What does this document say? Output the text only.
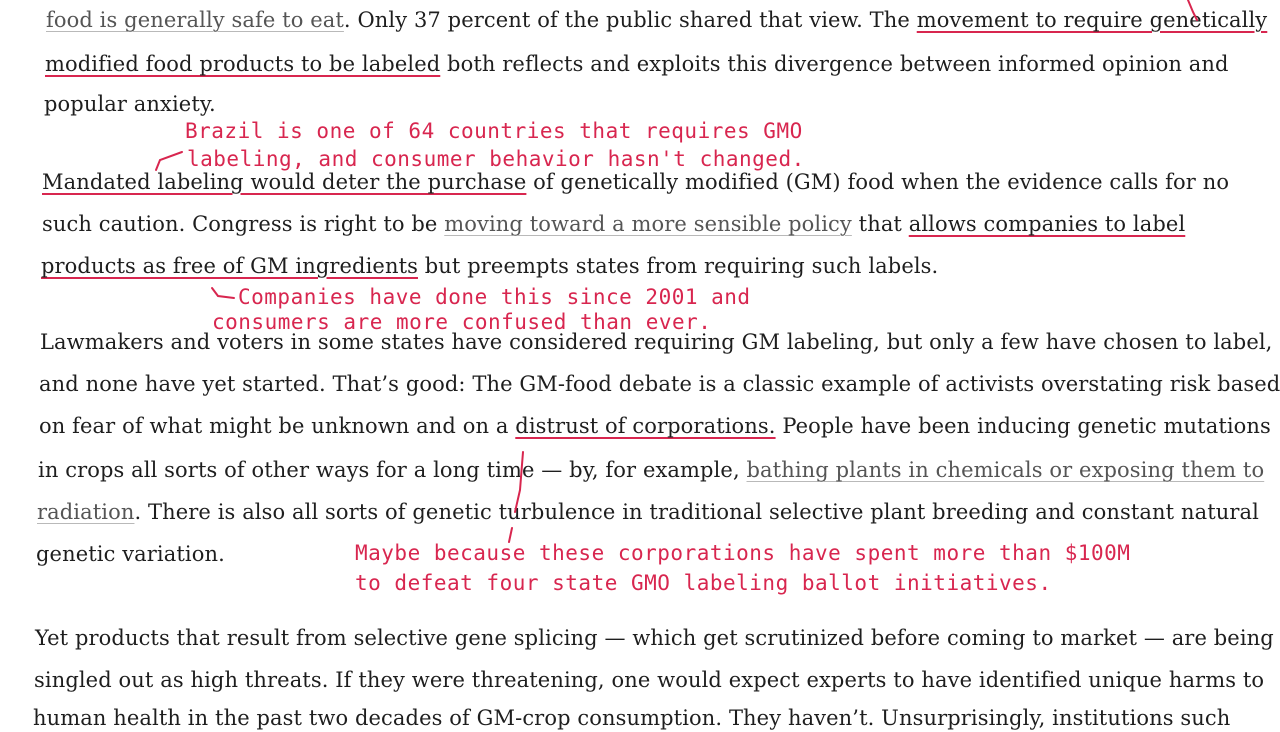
food is generally safe to eat. Only 37 percent of the public shared that view. The movement to require genetically
modified food products to be labeled both reflects and exploits this divergence between informed opinion and
popular anxiety.
Brazil is one of 64 countries that requires GMO
labeling, and consumer behavior hasn't changed.
Mandated labeling would deter the purchase of genetically modified (GM) food when the evidence calls for no
such caution. Congress is right to be moving toward a more sensible policy that allows companies to label
products as free of GM ingredients but preempts states from requiring such labels.
Companies have done this since 2001 and
consumers are more confused than ever.
Lawmakers and voters in some states have considered requiring GM labeling, but only a few have chosen to label,
and none have yet started. That’s good: The GM-food debate is a classic example of activists overstating risk based
on fear of what might be unknown and on a distrust of corporations. People have been inducing genetic mutations
in crops all sorts of other ways for a long time — by, for example, bathing plants in chemicals or exposing them to
radiation. There is also all sorts of genetic turbulence in traditional selective plant breeding and constant natural
genetic variation.	Maybe because these corporations have spent more than $100M
to defeat four state GMO labeling ballot initiatives.
Yet products that result from selective gene splicing — which get scrutinized before coming to market — are being
singled out as high threats. If they were threatening, one would expect experts to have identified unique harms to
human health in the past two decades of GM-crop consumption. They haven’t. Unsurprisingly, institutions such
